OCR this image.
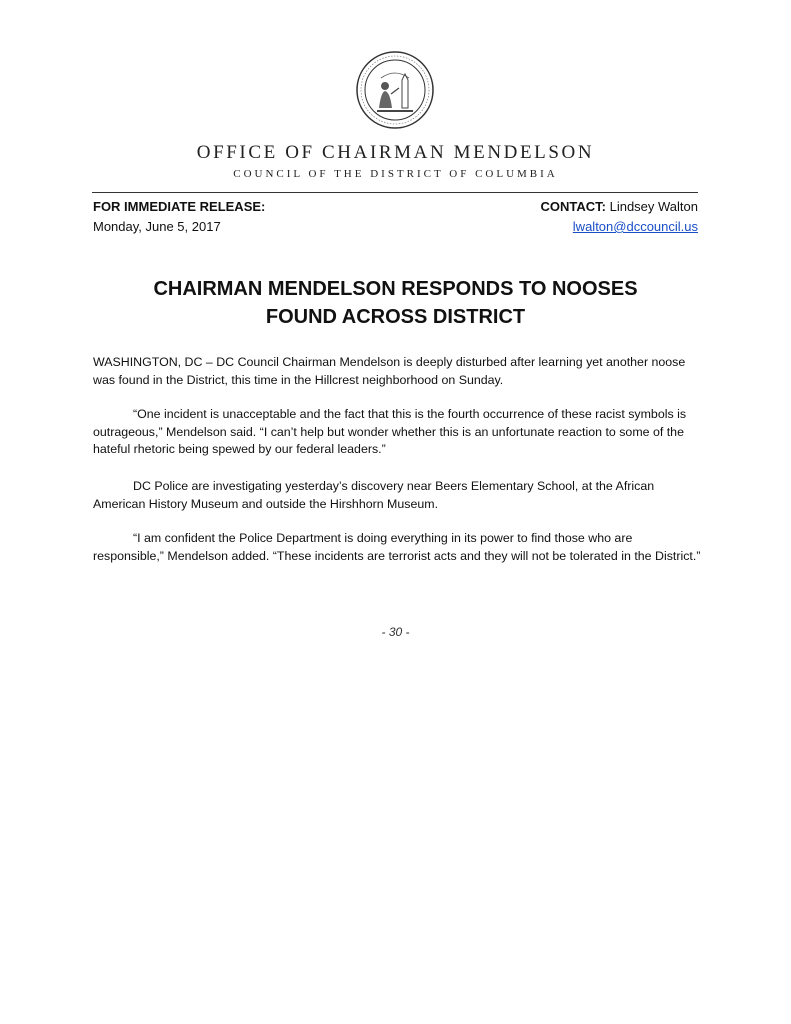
OFFICE OF CHAIRMAN MENDELSON
COUNCIL OF THE DISTRICT OF COLUMBIA
FOR IMMEDIATE RELEASE:
Monday, June 5, 2017
CONTACT: Lindsey Walton
lwalton@dccouncil.us
CHAIRMAN MENDELSON RESPONDS TO NOOSES
FOUND ACROSS DISTRICT
WASHINGTON, DC – DC Council Chairman Mendelson is deeply disturbed after learning yet another noose was found in the District, this time in the Hillcrest neighborhood on Sunday.
“One incident is unacceptable and the fact that this is the fourth occurrence of these racist symbols is outrageous,” Mendelson said. “I can’t help but wonder whether this is an unfortunate reaction to some of the hateful rhetoric being spewed by our federal leaders.”
DC Police are investigating yesterday’s discovery near Beers Elementary School, at the African American History Museum and outside the Hirshhorn Museum.
“I am confident the Police Department is doing everything in its power to find those who are responsible,” Mendelson added. “These incidents are terrorist acts and they will not be tolerated in the District.”
- 30 -
